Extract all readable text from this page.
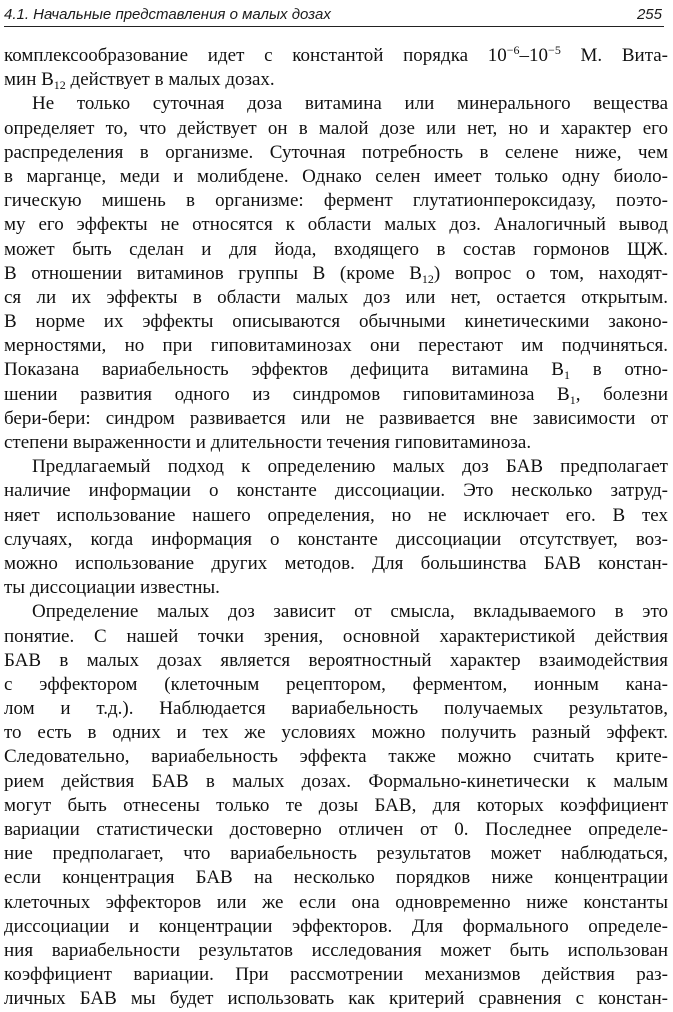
4.1. Начальные представления о малых дозах	255
комплексообразование идет с константой порядка $10^{-6}-10^{-5}$ М. Вита-
мин $B_{12}$ действует в малых дозах.
Не только суточная доза витамина или минерального вещества
определяет то, что действует он в малой дозе или нет, но и характер его
распределения в организме. Суточная потребность в селене ниже, чем
в марганце, меди и молибдене. Однако селен имеет только одну биоло-
гическую мишень в организме: фермент глутатионпероксидазу, поэто-
му его эффекты не относятся к области малых доз. Аналогичный вывод
может быть сделан и для йода, входящего в состав гормонов ЩЖ.
В отношении витаминов группы B (кроме $B_{12}$) вопрос о том, находят-
ся ли их эффекты в области малых доз или нет, остается открытым.
В норме их эффекты описываются обычными кинетическими законо-
мерностями, но при гиповитаминозах они перестают им подчиняться.
Показана вариабельность эффектов дефицита витамина $B_1$ в отно-
шении развития одного из синдромов гиповитаминоза $B_1$, болезни
бери-бери: синдром развивается или не развивается вне зависимости от
степени выраженности и длительности течения гиповитаминоза.
Предлагаемый подход к определению малых доз БАВ предполагает
наличие информации о константе диссоциации. Это несколько затруд-
няет использование нашего определения, но не исключает его. В тех
случаях, когда информация о константе диссоциации отсутствует, воз-
можно использование других методов. Для большинства БАВ констан-
ты диссоциации известны.
Определение малых доз зависит от смысла, вкладываемого в это
понятие. С нашей точки зрения, основной характеристикой действия
БАВ в малых дозах является вероятностный характер взаимодействия
с эффектором (клеточным рецептором, ферментом, ионным кана-
лом и т.д.). Наблюдается вариабельность получаемых результатов,
то есть в одних и тех же условиях можно получить разный эффект.
Следовательно, вариабельность эффекта также можно считать крите-
рием действия БАВ в малых дозах. Формально-кинетически к малым
могут быть отнесены только те дозы БАВ, для которых коэффициент
вариации статистически достоверно отличен от 0. Последнее определе-
ние предполагает, что вариабельность результатов может наблюдаться,
если концентрация БАВ на несколько порядков ниже концентрации
клеточных эффекторов или же если она одновременно ниже константы
диссоциации и концентрации эффекторов. Для формального определе-
ния вариабельности результатов исследования может быть использован
коэффициент вариации. При рассмотрении механизмов действия раз-
личных БАВ мы будет использовать как критерий сравнения с констан-
